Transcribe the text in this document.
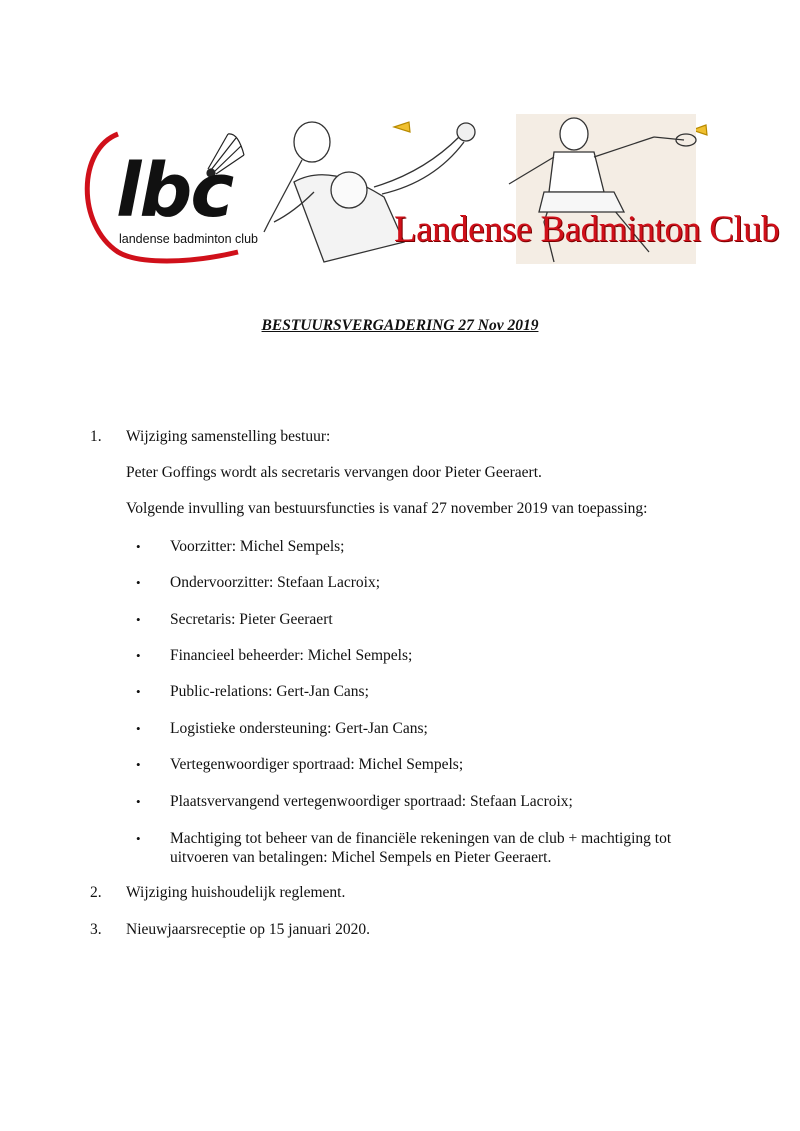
lbc
landense badminton club	Landense Badminton Club
BESTUURSVERGADERING 27 Nov 2019
1. Wijziging samenstelling bestuur:
Peter Goffings wordt als secretaris vervangen door Pieter Geeraert.
Volgende invulling van bestuursfuncties is vanaf 27 november 2019 van toepassing:
• Voorzitter: Michel Sempels;
• Ondervoorzitter: Stefaan Lacroix;
• Secretaris: Pieter Geeraert
• Financieel beheerder: Michel Sempels;
• Public-relations: Gert-Jan Cans;
• Logistieke ondersteuning: Gert-Jan Cans;
• Vertegenwoordiger sportraad: Michel Sempels;
• Plaatsvervangend vertegenwoordiger sportraad: Stefaan Lacroix;
• Machtiging tot beheer van de financiële rekeningen van de club + machtiging tot uitvoeren van betalingen: Michel Sempels en Pieter Geeraert.
2. Wijziging huishoudelijk reglement.
3. Nieuwjaarsreceptie op 15 januari 2020.
